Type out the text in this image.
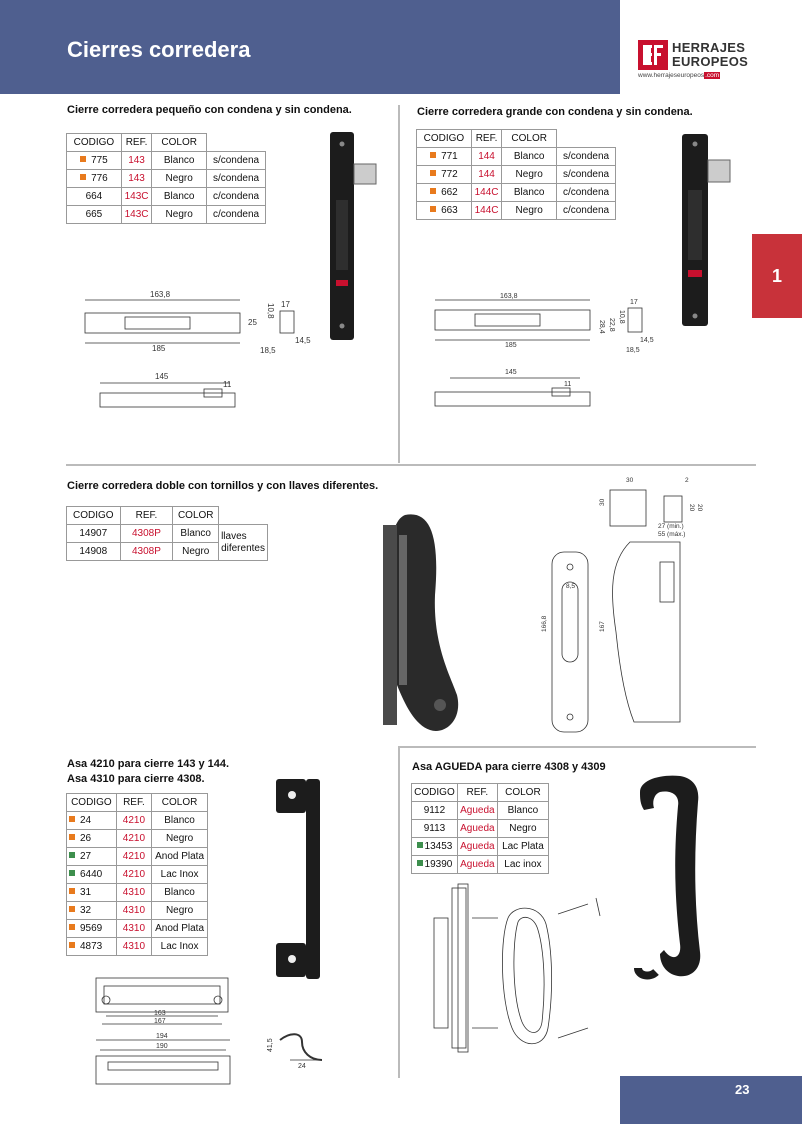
Cierres corredera	HERRAJES
EUROPEOS
www.herrajeseuropeos.com
1
Cierre corredera pequeño con condena y sin condena.
CODIGO	REF.	COLOR	
775	143	Blanco	s/condena
776	143	Negro	s/condena
664	143C	Blanco	c/condena
665	143C	Negro	c/condena
163,8
10,8 17
25
185
14,5
18,5
145
11
Cierre corredera grande con condena y sin condena.
CODIGO	REF.	COLOR	
771	144	Blanco	s/condena
772	144	Negro	s/condena
662	144C	Blanco	c/condena
663	144C	Negro	c/condena
163,8
10,8
17
22,8
28,4
185
14,5
18,5
145
11
Cierre corredera doble con tornillos y con llaves diferentes.
CODIGO	REF.	COLOR	
14907	4308P	Blanco	llaves
diferentes
14908	4308P	Negro	
30	2
30
20 20
27 (min.)
55 (máx.)
166,8	167
8,5
Asa 4210 para cierre 143 y 144.
Asa 4310 para cierre 4308.
CODIGO	REF.	COLOR
24	4210	Blanco
26	4210	Negro
27	4210	Anod Plata
6440	4210	Lac Inox
31	4310	Blanco
32	4310	Negro
9569	4310	Anod Plata
4873	4310	Lac Inox
163
167
194
190	41,5
24
Asa AGUEDA para cierre 4308 y 4309
CODIGO	REF.	COLOR
9112	Agueda	Blanco
9113	Agueda	Negro
13453	Agueda	Lac Plata
19390	Agueda	Lac inox
23
